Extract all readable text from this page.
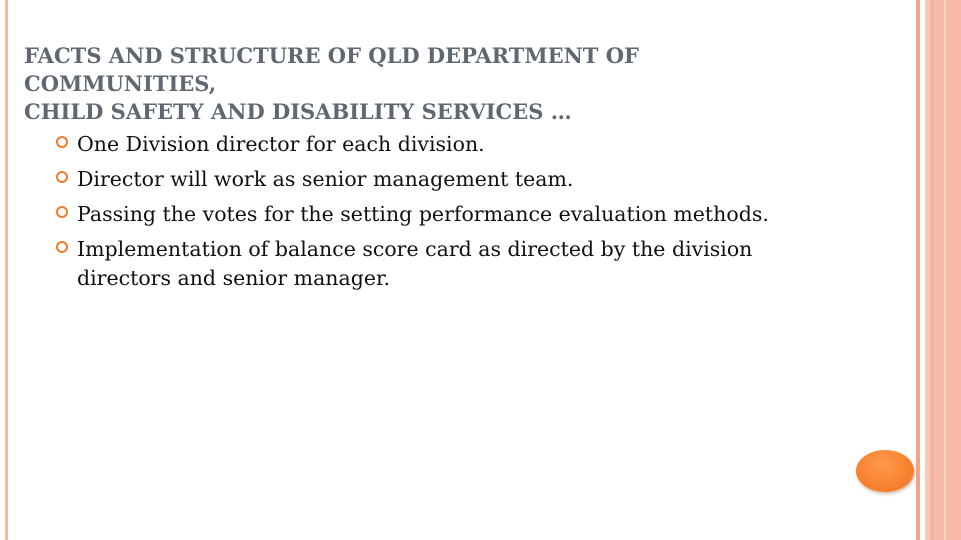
FACTS AND STRUCTURE OF QLD DEPARTMENT OF
COMMUNITIES,
CHILD SAFETY AND DISABILITY SERVICES …
One Division director for each division.
Director will work as senior management team.
Passing the votes for the setting performance evaluation methods.
Implementation of balance score card as directed by the division directors and senior manager.
